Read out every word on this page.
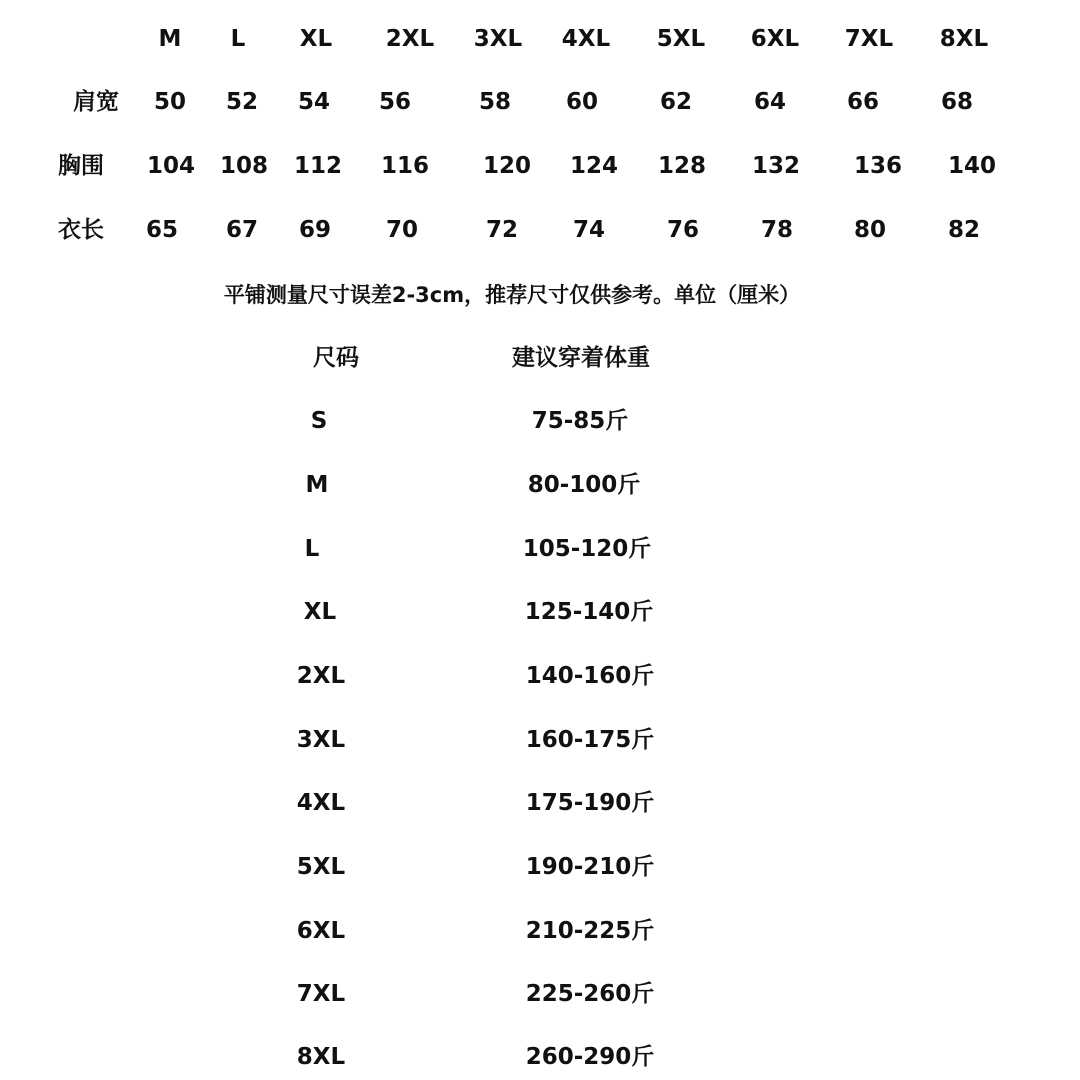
M L XL 2XL 3XL 4XL 5XL 6XL 7XL 8XL
肩宽 50 52 54 56	58 60	62	64	66	68
胸围 104 108 112 116 120 124 128 132 136 140
衣长 65 67 69 70	72 74	76	78	80	82
平铺测量尺寸误差2-3cm，推荐尺寸仅供参考。单位（厘米）
尺码	建议穿着体重
S	75-85斤
M	80-100斤
L	105-120斤
XL	125-140斤
2XL	140-160斤
3XL	160-175斤
4XL	175-190斤
5XL	190-210斤
6XL	210-225斤
7XL	225-260斤
8XL	260-290斤
